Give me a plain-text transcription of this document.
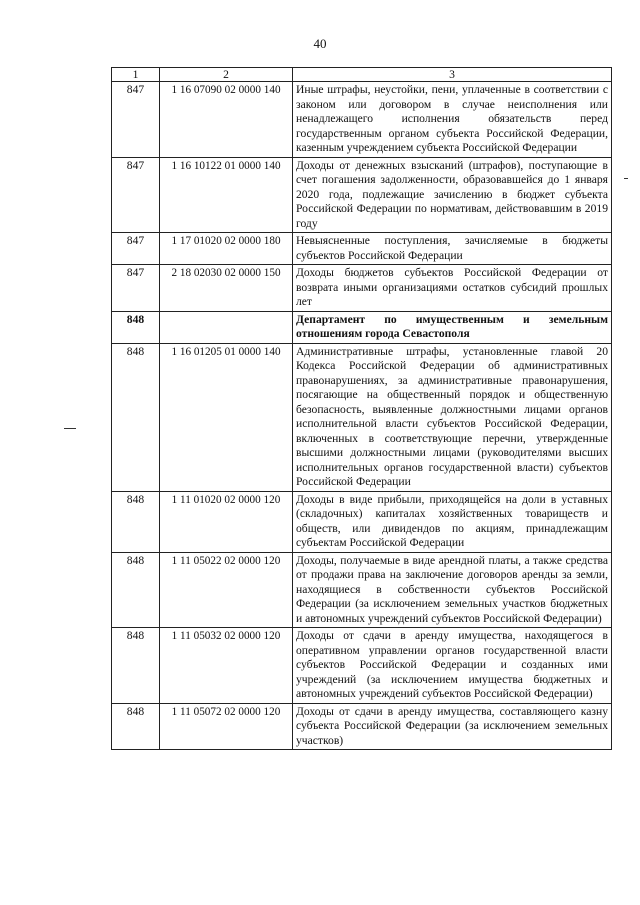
40
1	2	3
847	1 16 07090 02 0000 140	Иные штрафы, неустойки, пени, уплаченные в соответствии с законом или договором в случае неисполнения или ненадлежащего исполнения обязательств перед государственным органом субъекта Российской Федерации, казенным учреждением субъекта Российской Федерации
847	1 16 10122 01 0000 140	Доходы от денежных взысканий (штрафов), поступающие в счет погашения задолженности, образовавшейся до 1 января 2020 года, подлежащие зачислению в бюджет субъекта Российской Федерации по нормативам, действовавшим в 2019 году
847	1 17 01020 02 0000 180	Невыясненные поступления, зачисляемые в бюджеты субъектов Российской Федерации
847	2 18 02030 02 0000 150	Доходы бюджетов субъектов Российской Федерации от возврата иными организациями остатков субсидий прошлых лет
848		Департамент по имущественным и земельным отношениям города Севастополя
848	1 16 01205 01 0000 140	Административные штрафы, установленные главой 20 Кодекса Российской Федерации об административных правонарушениях, за административные правонарушения, посягающие на общественный порядок и общественную безопасность, выявленные должностными лицами органов исполнительной власти субъектов Российской Федерации, включенных в соответствующие перечни, утвержденные высшими должностными лицами (руководителями высших исполнительных органов государственной власти) субъектов Российской Федерации
848	1 11 01020 02 0000 120	Доходы в виде прибыли, приходящейся на доли в уставных (складочных) капиталах хозяйственных товариществ и обществ, или дивидендов по акциям, принадлежащим субъектам Российской Федерации
848	1 11 05022 02 0000 120	Доходы, получаемые в виде арендной платы, а также средства от продажи права на заключение договоров аренды за земли, находящиеся в собственности субъектов Российской Федерации (за исключением земельных участков бюджетных и автономных учреждений субъектов Российской Федерации)
848	1 11 05032 02 0000 120	Доходы от сдачи в аренду имущества, находящегося в оперативном управлении органов государственной власти субъектов Российской Федерации и созданных ими учреждений (за исключением имущества бюджетных и автономных учреждений субъектов Российской Федерации)
848	1 11 05072 02 0000 120	Доходы от сдачи в аренду имущества, составляющего казну субъекта Российской Федерации (за исключением земельных участков)
